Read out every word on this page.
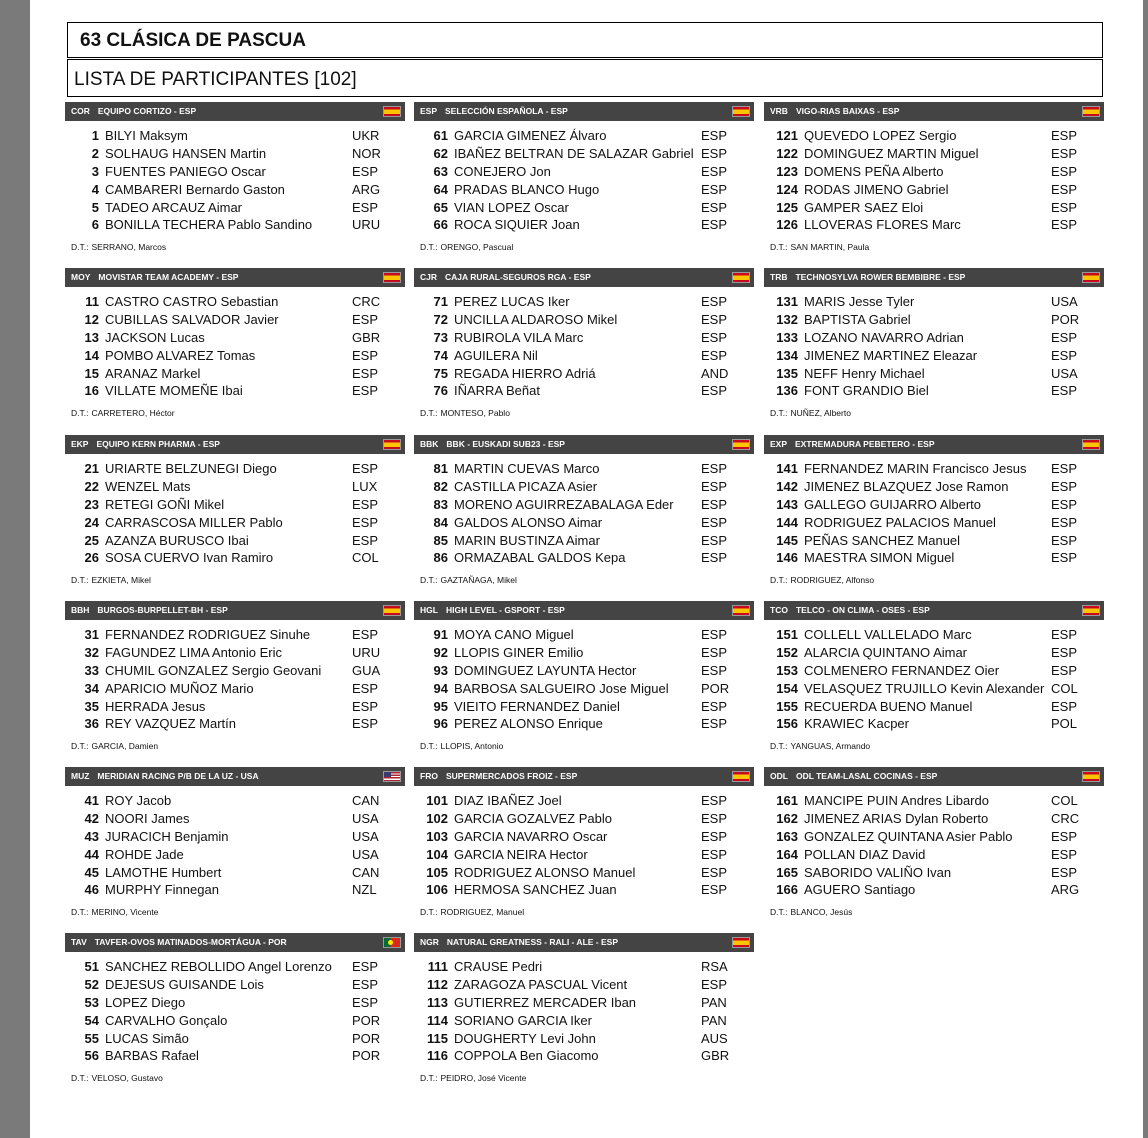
63 CLÁSICA DE PASCUA
LISTA DE PARTICIPANTES [102]
COR EQUIPO CORTIZO - ESP
1 BILYI Maksym	UKR
2 SOLHAUG HANSEN Martin	NOR
3 FUENTES PANIEGO Oscar	ESP
4 CAMBARERI Bernardo Gaston	ARG
5 TADEO ARCAUZ Aimar	ESP
6 BONILLA TECHERA Pablo Sandino	URU
D.T.: SERRANO, Marcos
ESP SELECCIÓN ESPAÑOLA - ESP
61 GARCIA GIMENEZ Álvaro	ESP
62 IBAÑEZ BELTRAN DE SALAZAR Gabriel ESP
63 CONEJERO Jon	ESP
64 PRADAS BLANCO Hugo	ESP
65 VIAN LOPEZ Oscar	ESP
66 ROCA SIQUIER Joan	ESP
D.T.: ORENGO, Pascual
VRB VIGO-RIAS BAIXAS - ESP
121 QUEVEDO LOPEZ Sergio	ESP
122 DOMINGUEZ MARTIN Miguel	ESP
123 DOMENS PEÑA Alberto	ESP
124 RODAS JIMENO Gabriel	ESP
125 GAMPER SAEZ Eloi	ESP
126 LLOVERAS FLORES Marc	ESP
D.T.: SAN MARTIN, Paula
MOY MOVISTAR TEAM ACADEMY - ESP
11 CASTRO CASTRO Sebastian	CRC
12 CUBILLAS SALVADOR Javier	ESP
13 JACKSON Lucas	GBR
14 POMBO ALVAREZ Tomas	ESP
15 ARANAZ Markel	ESP
16 VILLATE MOMEÑE Ibai	ESP
D.T.: CARRETERO, Héctor
CJR CAJA RURAL-SEGUROS RGA - ESP
71 PEREZ LUCAS Iker	ESP
72 UNCILLA ALDAROSO Mikel	ESP
73 RUBIROLA VILA Marc	ESP
74 AGUILERA Nil	ESP
75 REGADA HIERRO Adriá	AND
76 IÑARRA Beñat	ESP
D.T.: MONTESO, Pablo
TRB TECHNOSYLVA ROWER BEMBIBRE - ESP
131 MARIS Jesse Tyler	USA
132 BAPTISTA Gabriel	POR
133 LOZANO NAVARRO Adrian	ESP
134 JIMENEZ MARTINEZ Eleazar	ESP
135 NEFF Henry Michael	USA
136 FONT GRANDIO Biel	ESP
D.T.: NUÑEZ, Alberto
EKP EQUIPO KERN PHARMA - ESP
21 URIARTE BELZUNEGI Diego	ESP
22 WENZEL Mats	LUX
23 RETEGI GOÑI Mikel	ESP
24 CARRASCOSA MILLER Pablo	ESP
25 AZANZA BURUSCO Ibai	ESP
26 SOSA CUERVO Ivan Ramiro	COL
D.T.: EZKIETA, Mikel
BBK BBK - EUSKADI SUB23 - ESP
81 MARTIN CUEVAS Marco	ESP
82 CASTILLA PICAZA Asier	ESP
83 MORENO AGUIRREZABALAGA Eder ESP
84 GALDOS ALONSO Aimar	ESP
85 MARIN BUSTINZA Aimar	ESP
86 ORMAZABAL GALDOS Kepa	ESP
D.T.: GAZTAÑAGA, Mikel
EXP EXTREMADURA PEBETERO - ESP
141 FERNANDEZ MARIN Francisco Jesus ESP
142 JIMENEZ BLAZQUEZ Jose Ramon	ESP
143 GALLEGO GUIJARRO Alberto	ESP
144 RODRIGUEZ PALACIOS Manuel	ESP
145 PEÑAS SANCHEZ Manuel	ESP
146 MAESTRA SIMON Miguel	ESP
D.T.: RODRIGUEZ, Alfonso
BBH BURGOS-BURPELLET-BH - ESP
31 FERNANDEZ RODRIGUEZ Sinuhe	ESP
32 FAGUNDEZ LIMA Antonio Eric	URU
33 CHUMIL GONZALEZ Sergio Geovani GUA
34 APARICIO MUÑOZ Mario	ESP
35 HERRADA Jesus	ESP
36 REY VAZQUEZ Martín	ESP
D.T.: GARCIA, Damien
HGL HIGH LEVEL - GSPORT - ESP
91 MOYA CANO Miguel	ESP
92 LLOPIS GINER Emilio	ESP
93 DOMINGUEZ LAYUNTA Hector	ESP
94 BARBOSA SALGUEIRO Jose Miguel POR
95 VIEITO FERNANDEZ Daniel	ESP
96 PEREZ ALONSO Enrique	ESP
D.T.: LLOPIS, Antonio
TCO TELCO - ON CLIMA - OSES - ESP
151 COLLELL VALLELADO Marc	ESP
152 ALARCIA QUINTANO Aimar	ESP
153 COLMENERO FERNANDEZ Oier	ESP
154 VELASQUEZ TRUJILLO Kevin Alexander COL
155 RECUERDA BUENO Manuel	ESP
156 KRAWIEC Kacper	POL
D.T.: YANGUAS, Armando
MUZ MERIDIAN RACING P/B DE LA UZ - USA
41 ROY Jacob	CAN
42 NOORI James	USA
43 JURACICH Benjamin	USA
44 ROHDE Jade	USA
45 LAMOTHE Humbert	CAN
46 MURPHY Finnegan	NZL
D.T.: MERINO, Vicente
FRO SUPERMERCADOS FROIZ - ESP
101 DIAZ IBAÑEZ Joel	ESP
102 GARCIA GOZALVEZ Pablo	ESP
103 GARCIA NAVARRO Oscar	ESP
104 GARCIA NEIRA Hector	ESP
105 RODRIGUEZ ALONSO Manuel	ESP
106 HERMOSA SANCHEZ Juan	ESP
D.T.: RODRIGUEZ, Manuel
ODL ODL TEAM-LASAL COCINAS - ESP
161 MANCIPE PUIN Andres Libardo	COL
162 JIMENEZ ARIAS Dylan Roberto	CRC
163 GONZALEZ QUINTANA Asier Pablo	ESP
164 POLLAN DIAZ David	ESP
165 SABORIDO VALIÑO Ivan	ESP
166 AGUERO Santiago	ARG
D.T.: BLANCO, Jesús
TAV TAVFER-OVOS MATINADOS-MORTÁGUA - POR
51 SANCHEZ REBOLLIDO Angel Lorenzo ESP
52 DEJESUS GUISANDE Lois	ESP
53 LOPEZ Diego	ESP
54 CARVALHO Gonçalo	POR
55 LUCAS Simão	POR
56 BARBAS Rafael	POR
D.T.: VELOSO, Gustavo
NGR NATURAL GREATNESS - RALI - ALE - ESP
111 CRAUSE Pedri	RSA
112 ZARAGOZA PASCUAL Vicent	ESP
113 GUTIERREZ MERCADER Iban	PAN
114 SORIANO GARCIA Iker	PAN
115 DOUGHERTY Levi John	AUS
116 COPPOLA Ben Giacomo	GBR
D.T.: PEIDRO, José Vicente
